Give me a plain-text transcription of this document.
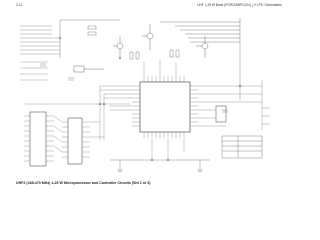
2-10	UHF 1-25 W Band (PGRCMWPC024) (-/+) PS / Schematics
UHF2 (438-470 MHz) 1-25 W Microprocessor and Controller Circuits (Sht 1 of 3)
